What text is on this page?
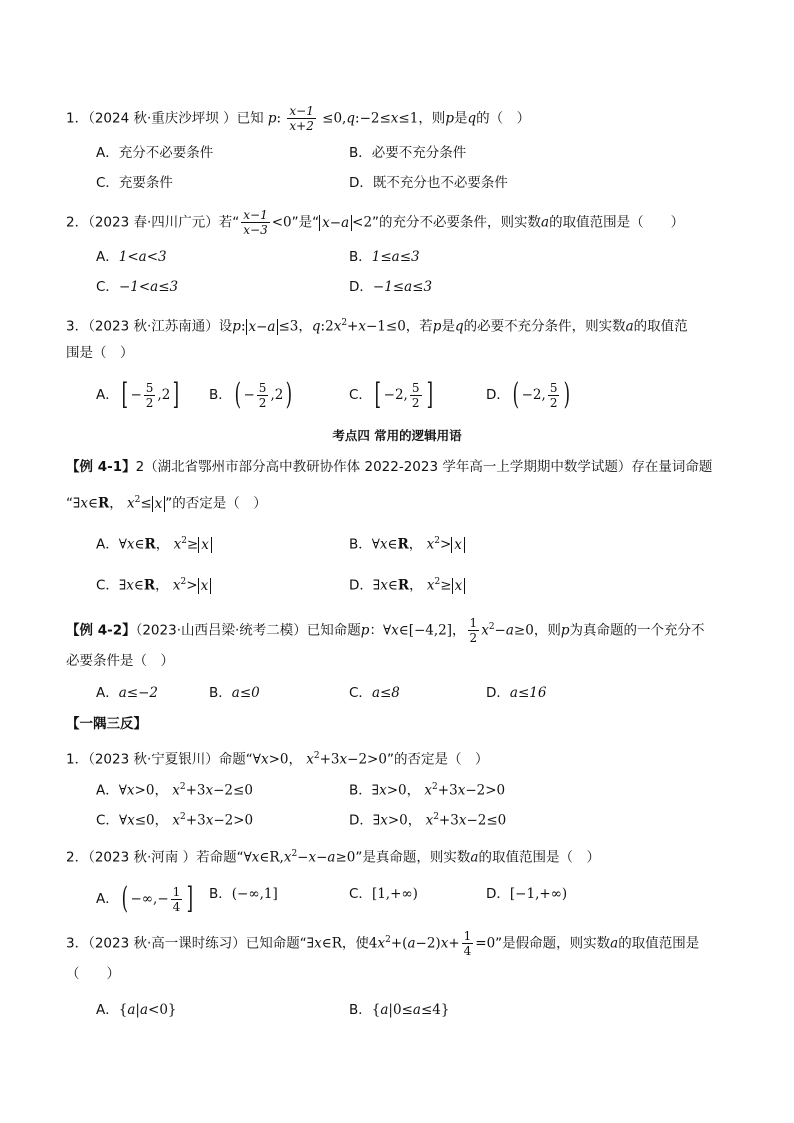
1．（2024 秋·重庆沙坪坝 ）已知 p: $\frac{x-1}{x+2}$ ≤0,q:−2≤x≤1，则p是q的（　）
A．充分不必要条件	B．必要不充分条件
C．充要条件	D．既不充分也不必要条件
2．（2023 春·四川广元）若“ $\frac{x-1}{x-3} <0$”是“ x−a <2”的充分不必要条件，则实数a的取值范围是（　　）
A．1<a<3	B．1≤a≤3
C．−1<a≤3	D．−1≤a≤3
3．（2023 秋·江苏南通）设p: x−a ≤3，$q:2x^2+x-1\le 0$，若p是q的必要不充分条件，则实数a的取值范
围是（　）
A．[ − $\frac{5}{2} ,2$] B．( − $\frac{5}{2} ,2$)	C．[ −2, $\frac{5}{2}$ ]	D．( −2, $\frac{5}{2}$ )
考点四 常用的逻辑用语
【例 4-1】2（湖北省鄂州市部分高中教研协作体 2022-2023 学年高一上学期期中数学试题）存在量词命题
“∃x∈R， $x^2\le x$ ”的否定是（　）
A．∀x∈R， $x^2\ge x$	B．∀x∈R， $x^2> x$
C．∃x∈R， $x^2> x$	D．∃x∈R， $x^2\ge x$
【例 4-2】（2023·山西吕梁·统考二模）已知命题p：∀x∈[−4,2]， $\frac{1}{2} x^2-a\ge 0$，则p为真命题的一个充分不
必要条件是（　）
A．a≤−2	B．a≤0	C．a≤8	D．a≤16
【一隅三反】
1．（2023 秋·宁夏银川）命题“∀x>0， $x^2+3x-2>0$”的否定是（　）
A．∀x>0， $x^2+3x-2\le 0$	B．∃x>0， $x^2+3x-2>0$
C．∀x≤0， $x^2+3x-2>0$	D．∃x>0， $x^2+3x-2\le 0$
2．（2023 秋·河南 ）若命题“$\forall x\in R,x^2-x-a\ge 0$”是真命题，则实数a的取值范围是（　）
A．( −∞,− $\frac{1}{4}$ ] B．(−∞,1]	C．[1,+∞)	D．[−1,+∞)
3．（2023 秋·高一课时练习）已知命题“∃x∈R，使$4x^2+(a-2)x+ \frac{1}{4} =0$”是假命题，则实数a的取值范围是
（　　）
A．{a|a<0}	B．{a|0≤a≤4}
